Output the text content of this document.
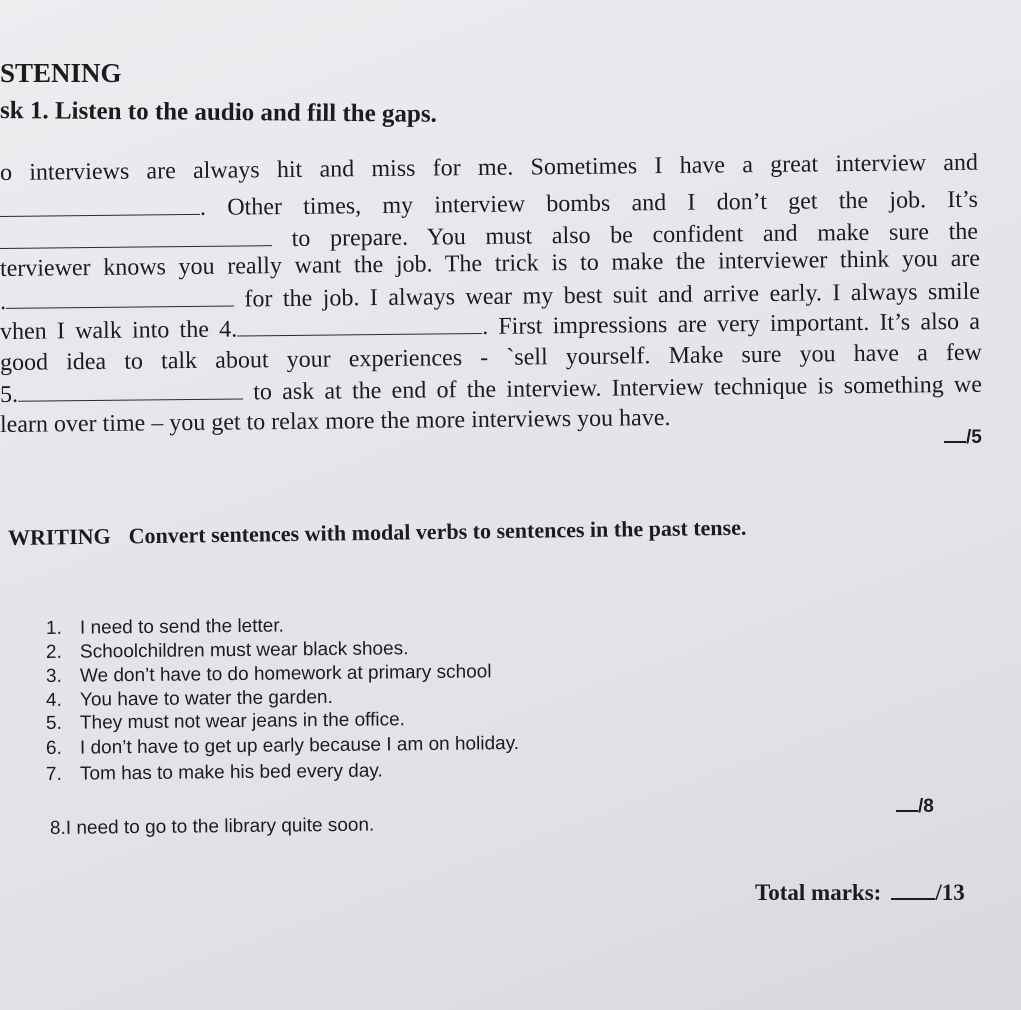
STENING
sk 1. Listen to the audio and fill the gaps.
o interviews are always hit and miss for me. Sometimes I have a great interview and
. Other times, my interview bombs and I don’t get the job. It’s
to prepare. You must also be confident and make sure the
terviewer knows you really want the job. The trick is to make the interviewer think you are
.	for the job. I always wear my best suit and arrive early. I always smile
vhen I walk into the 4.	. First impressions are very important. It’s also a
good idea to talk about your experiences - `sell yourself. Make sure you have a few
5.	to ask at the end of the interview. Interview technique is something we
learn over time – you get to relax more the more interviews you have.	/5
WRITING Convert sentences with modal verbs to sentences in the past tense.
1. I need to send the letter.
2. Schoolchildren must wear black shoes.
3. We don’t have to do homework at primary school
4. You have to water the garden.
5. They must not wear jeans in the office.
6. I don’t have to get up early because I am on holiday.
7. Tom has to make his bed every day.
8.I need to go to the library quite soon.
/8
Total marks: /13
